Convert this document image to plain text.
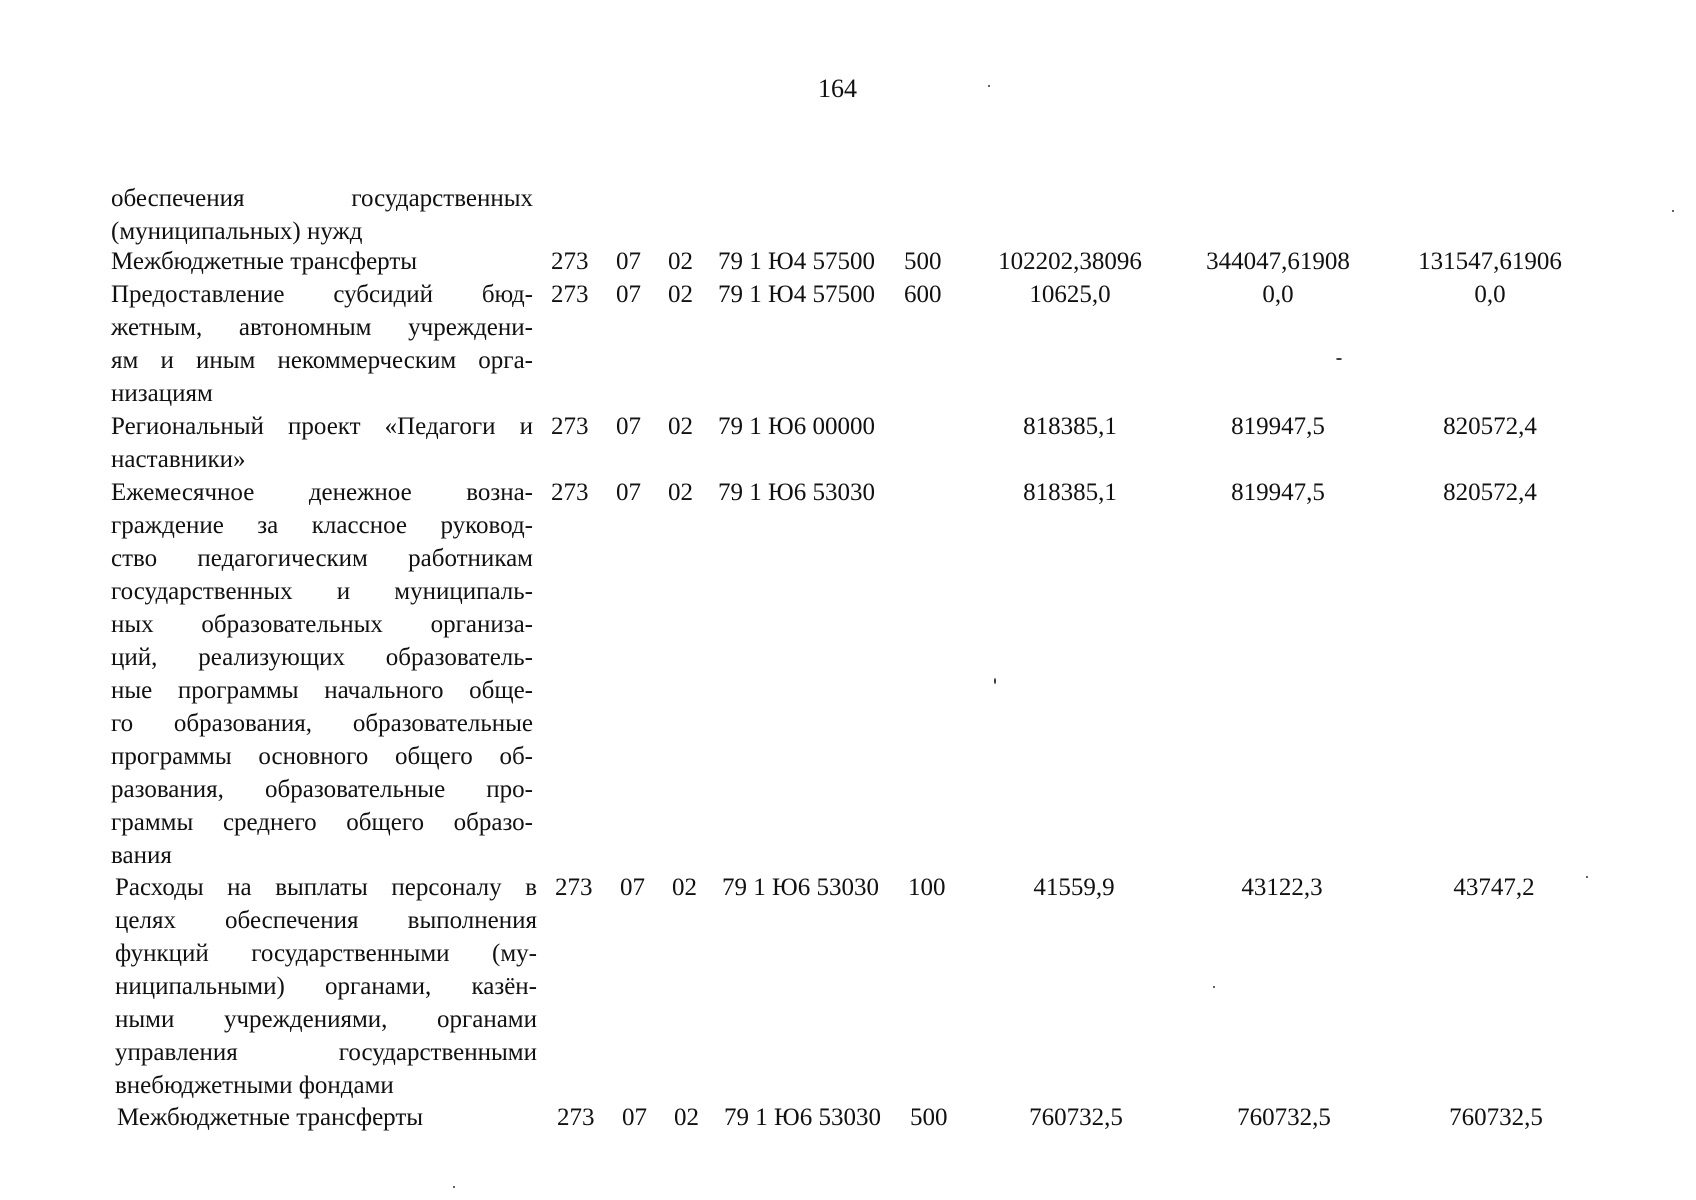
164
обеспечения государственных
(муниципальных) нужд
Межбюджетные трансферты	273 07 02 79 1 Ю4 57500 500	102202,38096	344047,61908	131547,61906
Предоставление субсидий бюд-
жетным, автономным учреждени-
ям и иным некоммерческим орга-
низациям
273 07 02 79 1 Ю4 57500 600	10625,0	0,0	0,0
Региональный проект «Педагоги и
наставники»
273 07 02 79 1 Ю6 00000	818385,1	819947,5	820572,4
Ежемесячное денежное возна-
граждение за классное руковод-
ство педагогическим работникам
государственных и муниципаль-
ных образовательных организа-
ций, реализующих образователь-
ные программы начального обще-
го образования, образовательные
программы основного общего об-
разования, образовательные про-
граммы среднего общего образо-
вания
273 07 02 79 1 Ю6 53030	818385,1	819947,5	820572,4
Расходы на выплаты персоналу в
целях обеспечения выполнения
функций государственными (му-
ниципальными) органами, казён-
ными учреждениями, органами
управления государственными
внебюджетными фондами
273 07 02 79 1 Ю6 53030 100	41559,9	43122,3	43747,2
Межбюджетные трансферты	273 07 02 79 1 Ю6 53030 500	760732,5	760732,5	760732,5
